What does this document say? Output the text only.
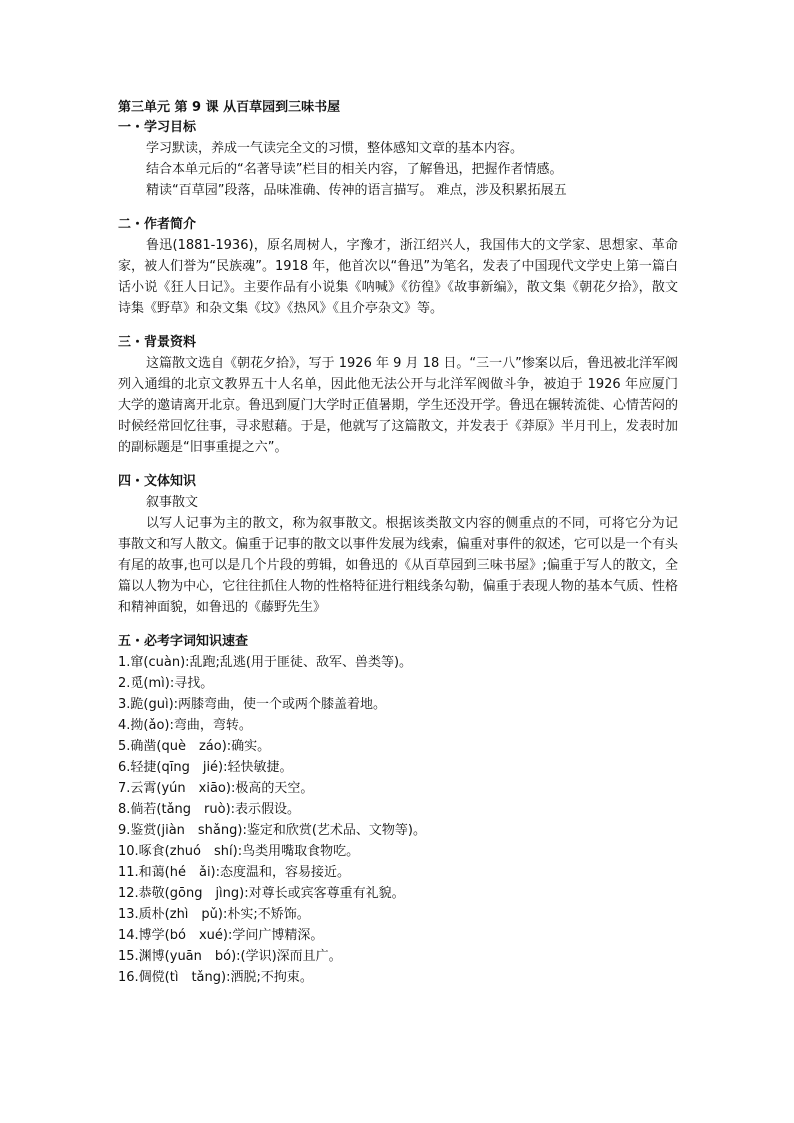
第三单元 第 9 课 从百草园到三味书屋

一・学习目标

学习默读，养成一气读完全文的习惯，整体感知文章的基本内容。

结合本单元后的“名著导读”栏目的相关内容，了解鲁迅，把握作者情感。

精读“百草园”段落，品味准确、传神的语言描写。 难点，涉及积累拓展五

二・作者简介

鲁迅(1881-1936)，原名周树人，字豫才，浙江绍兴人，我国伟大的文学家、思想家、革命家，被人们誉为“民族魂”。1918 年，他首次以“鲁迅”为笔名，发表了中国现代文学史上第一篇白话小说《狂人日记》。主要作品有小说集《呐喊》《彷徨》《故事新编》，散文集《朝花夕拾》，散文诗集《野草》和杂文集《坟》《热风》《且介亭杂文》等。

三・背景资料

这篇散文选自《朝花夕拾》，写于 1926 年 9 月 18 日。“三一八”惨案以后，鲁迅被北洋军阀列入通缉的北京文教界五十人名单，因此他无法公开与北洋军阀做斗争，被迫于 1926 年应厦门大学的邀请离开北京。鲁迅到厦门大学时正值暑期，学生还没开学。鲁迅在辗转流徙、心情苦闷的时候经常回忆往事，寻求慰藉。于是，他就写了这篇散文，并发表于《莽原》半月刊上，发表时加的副标题是“旧事重提之六”。

四・文体知识

叙事散文

以写人记事为主的散文，称为叙事散文。根据该类散文内容的侧重点的不同，可将它分为记事散文和写人散文。偏重于记事的散文以事件发展为线索，偏重对事件的叙述，它可以是一个有头有尾的故事,也可以是几个片段的剪辑，如鲁迅的《从百草园到三味书屋》;偏重于写人的散文，全篇以人物为中心，它往往抓住人物的性格特征进行粗线条勾勒，偏重于表现人物的基本气质、性格和精神面貌，如鲁迅的《藤野先生》

五・必考字词知识速查

1.窜(cuàn):乱跑;乱逃(用于匪徒、敌军、兽类等)。
2.觅(mì):寻找。
3.跪(guì):两膝弯曲，使一个或两个膝盖着地。
4.拗(ǎo):弯曲，弯转。
5.确凿(què　záo):确实。
6.轻捷(qīng　jié):轻快敏捷。
7.云霄(yún　xiāo):极高的天空。
8.倘若(tǎng　ruò):表示假设。
9.鉴赏(jiàn　shǎng):鉴定和欣赏(艺术品、文物等)。
10.啄食(zhuó　shí):鸟类用嘴取食物吃。
11.和蔼(hé　ǎi):态度温和，容易接近。
12.恭敬(gōng　jìng):对尊长或宾客尊重有礼貌。
13.质朴(zhì　pǔ):朴实;不矫饰。
14.博学(bó　xué):学问广博精深。
15.渊博(yuān　bó):(学识)深而且广。
16.倜傥(tì　tǎng):洒脱;不拘束。
